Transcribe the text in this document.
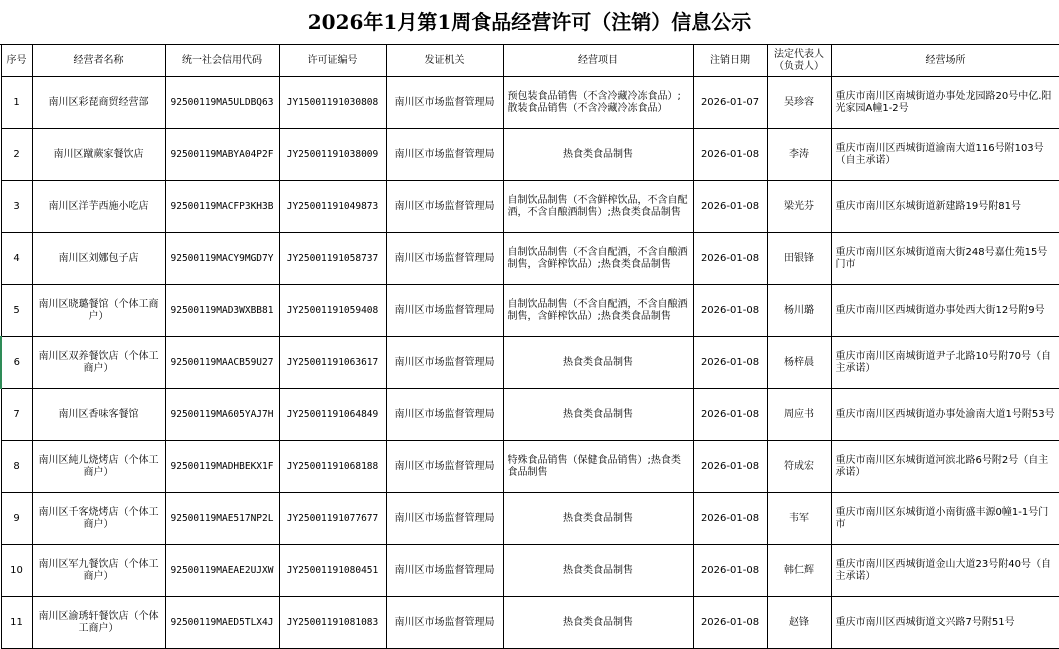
2026年1月第1周食品经营许可（注销）信息公示
序号	经营者名称	统一社会信用代码	许可证编号	发证机关	经营项目	注销日期	法定代表人（负责人）	经营场所
1	南川区彩琵商贸经营部	92500119MA5ULDBQ63	JY15001191030808	南川区市场监督管理局	预包装食品销售（不含冷藏冷冻食品）;散装食品销售（不含冷藏冷冻食品）	2026-01-07	吴珍容	重庆市南川区南城街道办事处龙园路20号中亿.阳光家园A幢1-2号
2	南川区蹴蕨家餐饮店	92500119MABYA04P2F	JY25001191038009	南川区市场监督管理局	热食类食品制售	2026-01-08	李涛	重庆市南川区西城街道渝南大道116号附103号（自主承诺）
3	南川区洋芋西施小吃店	92500119MACFP3KH3B	JY25001191049873	南川区市场监督管理局	自制饮品制售（不含鲜榨饮品，不含自配酒，不含自酿酒制售）;热食类食品制售	2026-01-08	梁光芬	重庆市南川区东城街道新建路19号附81号
4	南川区刘娜包子店	92500119MACY9MGD7Y	JY25001191058737	南川区市场监督管理局	自制饮品制售（不含自配酒，不含自酿酒制售，含鲜榨饮品）;热食类食品制售	2026-01-08	田银锋	重庆市南川区东城街道南大街248号嘉仕苑15号门市
5	南川区晓璐餐馆（个体工商户）	92500119MAD3WXBB81	JY25001191059408	南川区市场监督管理局	自制饮品制售（不含自配酒，不含自酿酒制售，含鲜榨饮品）;热食类食品制售	2026-01-08	杨川璐	重庆市南川区西城街道办事处西大街12号附9号
6	南川区双养餐饮店（个体工商户）	92500119MAACB59U27	JY25001191063617	南川区市场监督管理局	热食类食品制售	2026-01-08	杨梓晨	重庆市南川区南城街道尹子北路10号附70号（自主承诺）
7	南川区香味客餐馆	92500119MA605YAJ7H	JY25001191064849	南川区市场监督管理局	热食类食品制售	2026-01-08	周应书	重庆市南川区西城街道办事处渝南大道1号附53号
8	南川区純儿烧烤店（个体工商户）	92500119MADHBEKX1F	JY25001191068188	南川区市场监督管理局	特殊食品销售（保健食品销售）;热食类食品制售	2026-01-08	符成宏	重庆市南川区东城街道河滨北路6号附2号（自主承诺）
9	南川区千客烧烤店（个体工商户）	92500119MAE517NP2L	JY25001191077677	南川区市场监督管理局	热食类食品制售	2026-01-08	韦军	重庆市南川区东城街道小南街盛丰源0幢1-1号门市
10	南川区军九餐饮店（个体工商户）	92500119MAEAE2UJXW	JY25001191080451	南川区市场监督管理局	热食类食品制售	2026-01-08	韩仁辉	重庆市南川区西城街道金山大道23号附40号（自主承诺）
11	南川区渝琇轩餐饮店（个体工商户）	92500119MAED5TLX4J	JY25001191081083	南川区市场监督管理局	热食类食品制售	2026-01-08	赵锋	重庆市南川区西城街道文兴路7号附51号
